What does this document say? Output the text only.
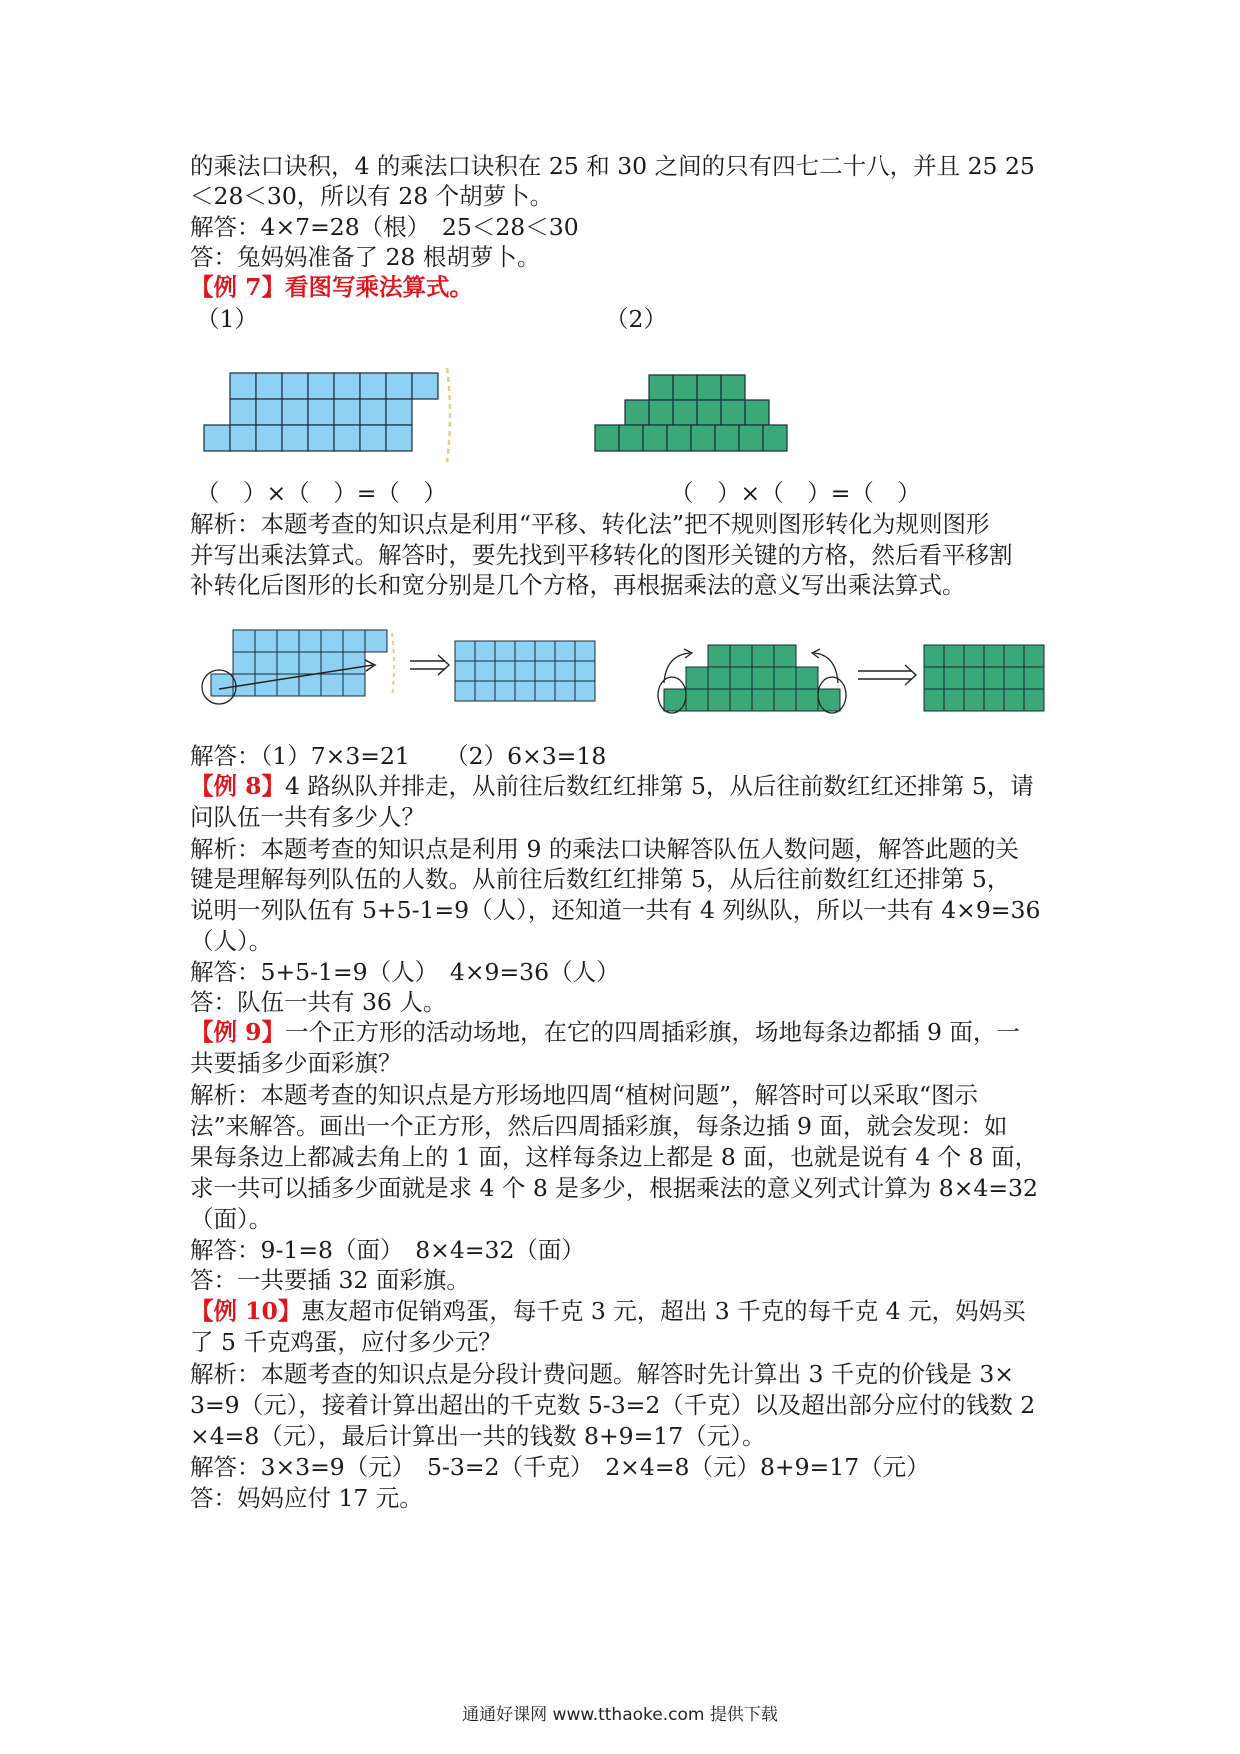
的乘法口诀积，4 的乘法口诀积在 25 和 30 之间的只有四七二十八，并且 25 25
＜28＜30，所以有 28 个胡萝卜。
解答：4×7=28（根）　25＜28＜30
答：兔妈妈准备了 28 根胡萝卜。
【例 7】看图写乘法算式。
（1）	（2）
（　）×（　）=（　）	（　）×（　）=（　）
解析：本题考查的知识点是利用“平移、转化法”把不规则图形转化为规则图形
并写出乘法算式。解答时，要先找到平移转化的图形关键的方格，然后看平移割
补转化后图形的长和宽分别是几个方格，再根据乘法的意义写出乘法算式。
解答：（1）7×3=21　　（2）6×3=18
【例 8】4 路纵队并排走，从前往后数红红排第 5，从后往前数红红还排第 5，请
问队伍一共有多少人？
解析：本题考查的知识点是利用 9 的乘法口诀解答队伍人数问题，解答此题的关
键是理解每列队伍的人数。从前往后数红红排第 5，从后往前数红红还排第 5，
说明一列队伍有 5+5-1=9（人），还知道一共有 4 列纵队，所以一共有 4×9=36
（人）。
解答：5+5-1=9（人）　4×9=36（人）
答：队伍一共有 36 人。
【例 9】一个正方形的活动场地，在它的四周插彩旗，场地每条边都插 9 面，一
共要插多少面彩旗？
解析：本题考查的知识点是方形场地四周“植树问题”，解答时可以采取“图示
法”来解答。画出一个正方形，然后四周插彩旗，每条边插 9 面，就会发现：如
果每条边上都减去角上的 1 面，这样每条边上都是 8 面，也就是说有 4 个 8 面，
求一共可以插多少面就是求 4 个 8 是多少，根据乘法的意义列式计算为 8×4=32
（面）。
解答：9-1=8（面）　8×4=32（面）
答：一共要插 32 面彩旗。
【例 10】惠友超市促销鸡蛋，每千克 3 元，超出 3 千克的每千克 4 元，妈妈买
了 5 千克鸡蛋，应付多少元？
解析：本题考查的知识点是分段计费问题。解答时先计算出 3 千克的价钱是 3×
3=9（元），接着计算出超出的千克数 5-3=2（千克）以及超出部分应付的钱数 2
×4=8（元），最后计算出一共的钱数 8+9=17（元）。
解答：3×3=9（元）　5-3=2（千克）　2×4=8（元）8+9=17（元）
答：妈妈应付 17 元。
通通好课网 www.tthaoke.com 提供下载
